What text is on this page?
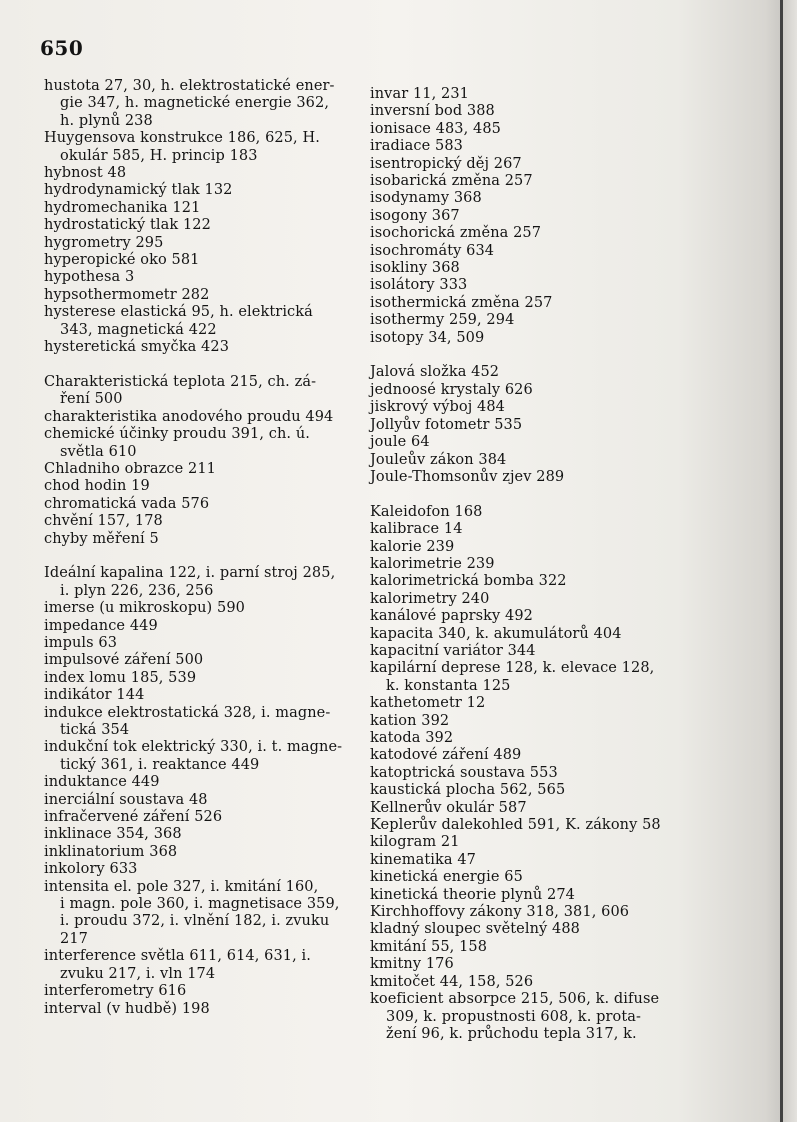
650
hustota 27, 30, h. elektrostatické ener-
gie 347, h. magnetické energie 362,
h. plynů 238
Huygensova konstrukce 186, 625, H.
okulár 585, H. princip 183
hybnost 48
hydrodynamický tlak 132
hydromechanika 121
hydrostatický tlak 122
hygrometry 295
hyperopické oko 581
hypothesa 3
hypsothermometr 282
hysterese elastická 95, h. elektrická
343, magnetická 422
hysteretická smyčka 423
Charakteristická teplota 215, ch. zá-
ření 500
charakteristika anodového proudu 494
chemické účinky proudu 391, ch. ú.
světla 610
Chladniho obrazce 211
chod hodin 19
chromatická vada 576
chvění 157, 178
chyby měření 5
Ideální kapalina 122, i. parní stroj 285,
i. plyn 226, 236, 256
imerse (u mikroskopu) 590
impedance 449
impuls 63
impulsové záření 500
index lomu 185, 539
indikátor 144
indukce elektrostatická 328, i. magne-
tická 354
indukční tok elektrický 330, i. t. magne-
tický 361, i. reaktance 449
induktance 449
inerciální soustava 48
infračervené záření 526
inklinace 354, 368
inklinatorium 368
inkolory 633
intensita el. pole 327, i. kmitání 160,
i magn. pole 360, i. magnetisace 359,
i. proudu 372, i. vlnění 182, i. zvuku
217
interference světla 611, 614, 631, i.
zvuku 217, i. vln 174
interferometry 616
interval (v hudbě) 198
invar 11, 231
inversní bod 388
ionisace 483, 485
iradiace 583
isentropický děj 267
isobarická změna 257
isodynamy 368
isogony 367
isochorická změna 257
isochromáty 634
isokliny 368
isolátory 333
isothermická změna 257
isothermy 259, 294
isotopy 34, 509
Jalová složka 452
jednoosé krystaly 626
jiskrový výboj 484
Jollyův fotometr 535
joule 64
Jouleův zákon 384
Joule-Thomsonův zjev 289
Kaleidofon 168
kalibrace 14
kalorie 239
kalorimetrie 239
kalorimetrická bomba 322
kalorimetry 240
kanálové paprsky 492
kapacita 340, k. akumulátorů 404
kapacitní variátor 344
kapilární deprese 128, k. elevace 128,
k. konstanta 125
kathetometr 12
kation 392
katoda 392
katodové záření 489
katoptrická soustava 553
kaustická plocha 562, 565
Kellnerův okulár 587
Keplerův dalekohled 591, K. zákony 58
kilogram 21
kinematika 47
kinetická energie 65
kinetická theorie plynů 274
Kirchhoffovy zákony 318, 381, 606
kladný sloupec světelný 488
kmitání 55, 158
kmitny 176
kmitočet 44, 158, 526
koeficient absorpce 215, 506, k. difuse
309, k. propustnosti 608, k. prota-
žení 96, k. průchodu tepla 317, k.
